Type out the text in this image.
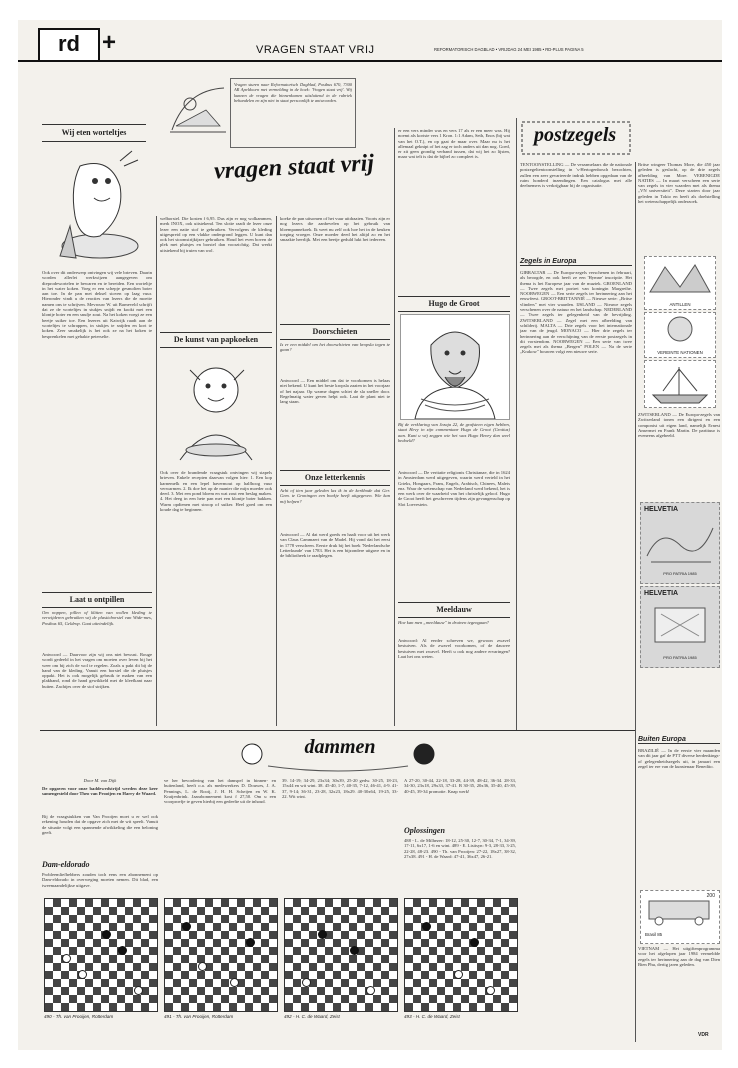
rd +	VRAGEN STAAT VRIJ	REFORMATORISCH DAGBLAD • VRIJDAG 24 MEI 1985 • RD-PLUS PAGINA 5
Vragen sturen naar Reformatorisch Dagblad, Postbus 670, 7300 AR Apeldoorn met vermelding in de hoek: 'Vragen staat vrij'. Wij kunnen de vragen die binnenkomen uitsluitend in de rubriek behandelen en zijn niet in staat persoonlijk te antwoorden.
vragen staat vrij
Wij eten worteltjes
Ook over dit onderwerp ontvingen wij vele brieven. Daarin worden allerlei werkwijzen aangegeven om dieprodewortelen te bewaren en te bereiden. Een worteltje in het water koken. Voeg er een schepje gesmolten boter aan toe. In de pan met deksel stoven op laag vuur. Hieronder vindt u de reacties van lezers die de moeite namen ons te schrijven. Mevrouw W. uit Barneveld schrijft dat ze de worteltjes in stukjes snijdt en kookt met een klontje boter en een snufje zout. Na het koken voegt ze een beetje suiker toe. Een lezeres uit Katwijk raadt aan de worteltjes te schrappen, in stukjes te snijden en kort te koken. Zeer smakelijk is het ook ze na het koken te besprenkelen met gehakte peterselie.
Laat u ontpillen
Om noppen, pillen of klitten van wollen kleding te verwijderen gebruiken wij de plasticborstel van Wide-mes, Postbus 65, Geldrop. Gaat uiteindelijk.
Antwoord — Daarvoor zijn wij ons niet bewust. Rouge wordt gedeeld in het vragen om moeten over leven bij het weer om bij zich de wol te regelen. Zoals u pakt dit bij de hand van de kleding. Vanuit een borstel die de pluisjes oppakt. Het is ook mogelijk gebruik te maken van een plakband, rond de hand gewikkeld met de kleefkant naar buiten. Zachtjes over de stof strijken.
welborstel. Die kosten f 6,95. Dus zijn er nog wolkammen, merk INOX, ook uitstekend. Ten slotte raadt de lezer onze lezer een natte stof te gebruiken. Vervolgens de kleding uitgespreid op een vlakke ondergrond leggen. U kunt dan ook het stoomstrijkijzer gebruiken. Houd het even boven de plek met pluisjes en borstel dan voorzichtig. Dat werkt uitstekend bij truien van wol.
De kunst van papkoeken
Ook over de brandende vraagstuk ontvingen wij stapels brieven. Enkele recepten daarvan volgen hier: 1. Een kop karnemelk en een lepel havermout op halfhoog vuur verwarmen. 2. Ik doe het op de manier die mijn moeder ook deed. 3. Met een pond bloem en wat zout een beslag maken. 4. Het deeg in een hete pan met een klontje boter bakken. Warm opdienen met stroop of suiker. Heel goed om een koude dag te beginnen.
koeke de pan uitsomen of het vuur uitdraaien. Voorts zijn er nog lezers die aanbevelen op het gebruik van bloempannekoek. Ik weet nu zelf ook hoe het in de keuken toeging vroeger. Onze moeder deed het altijd zo en het smaakte heerlijk. Met een beetje geduld lukt het iedereen.
Doorschieten
Is er een middel om het doorschieten van kropsla tegen te gaan?
Antwoord — Een middel om dat te voorkomen is helaas niet bekend. U kunt het beste kropsla zaaien in het voorjaar of het najaar. Op warme dagen schiet de sla sneller door. Regelmatig water geven helpt ook. Laat de plant niet te lang staan.
Onze letterkennis
Acht of tien jaar geleden las ik in de kerkbode dat Ger. Gem. te Groningen een boekje heeft uitgegeven. Wie kan mij helpen?
Antwoord — Al dat werd goeds en haalt voor uit het werk van Claus Cammaert van de Madel. Hij vond dat het eerst in 1778 verscheen. Eerste druk bij het boek 'Nederlandsche Letterkunde' van 1783. Het is een bijzondere uitgave en in de bibliotheek te raadplegen.
er een vers minder was en vers 17 als er een meer was. Hij noemt als kortste vers 1 Kron. 1:1 Adam, Seth, Enos (bij wat van het O.T.), en op gaat de maar over. Maar nu is het allemaal geknipt of het zag er toch anders uit dan nog. Goed, er zit geen grondig verband tussen, dat wij het zo lijsten, maar wat telt is dat de bijbel zo compleet is.
Hugo de Groot
Bij de verklaring van Jezaja 22, de grafsteen eigen hebben, staat Hevy in zijn commentaar Hugo de Groot (Grotius) aan. Kunt u wij zeggen wie het was Hugo Henry dan weel bedoeld?
Antwoord — De veritatie religionis Christianae, die in 1624 in Amsterdam werd uitgegeven, waarin werd verteld in het Grieks, Hongaars, Frans, Engels, Arabisch, Chinees, Maleis enz. Waar de wetenschap van Nederland werd bekend, het is een werk over de waarheid van het christelijk geloof. Hugo de Groot heeft het geschreven tijdens zijn gevangenschap op Slot Loevestein.
Meeldauw
Hoe kan men „meeldauw" in druiven tegengaan?
Antwoord: Al eerder schreven we, gewoon zwavel bestuiven. Als de zwavel voorkomen, of de dauwee bestuiven met zwavel. Heeft u ook nog andere ervaringen? Laat het ons weten.
postzegels
TENTOONSTELLING — De verzamelaars die de nationale postzegeltentoonstelling in 's-Hertogenbosch bezochten, zullen een zeer gevarieerde indruk hebben opgedaan van de ruim honderd inzendingen. Een catalogus met alle deelnemers is verkrijgbaar bij de organisatie.
Zegels in Europa
GIBRALTAR — De Europa-zegels verschenen in februari, als beoogde, en ook heeft ze een 'Hymne' inscriptie. Het thema is het Europese jaar van de muziek. GROENLAND — Twee zegels met portret van koningin Margrethe. NOORWEGEN — Een serie zegels ter herinnering aan het eeuwfeest. GROOT-BRITTANNIË — Nieuwe serie: „Britse vlinders" met vier waarden. IJSLAND — Nieuwe zegels verschenen over de natuur en het landschap. NEDERLAND — Twee zegels ter gelegenheid van de bevrijding. ZWITSERLAND — Zegel met een afbeelding van schilderij. MALTA — Drie zegels voor het internationale jaar van de jeugd. MONACO — Hier drie zegels ter herinnering aan de verschijning van de eerste postzegels in dit vorstendom. NOORWEGEN — Een serie van twee zegels met als thema „Bergen" POLEN — Na de serie „Krakow" bouwen volgt een nieuwe serie.
Britse wingeer Thomas More, die 450 jaar geleden is geslacht, op de drie zegels afbeelding van More. VERENIGDE NATIES — In maart verscheen een serie van zegels in vier waarden met als thema „VN universiteit". Deze starten door jaar geleden in Tokio en heeft als doelstelling het wetenschappelijk onderzoek.
ANTILLEN
VEREINTE NATIONEN
ZWITSERLAND — De Europa-zegels van Zwitserland tonen een dirigent en een componist uit eigen land, namelijk Ernest Ansermet en Frank Martin. De partituur is eveneens afgebeeld.
HELVETIA
PRO PATRIA 1985
HELVETIA
PRO PATRIA 1985
Buiten Europa
BRAZILIË — In de eerste vier maanden van dit jaar gaf de PTT diverse herdenkings- of gelegenheidszegels uit, in januari een zegel ter ere van de kunstenaar Benedito.
200
Brasil 85
VIETNAM — Het uitgiftenprogramma voor het afgelopen jaar 1984 vermeldde zegels ter herinnering aan de dag van Dien Bien Phu, dertig jaren geleden.
VDR
dammen
Door M. van Dijk
De opgaven voor onze baddewedstrijd werden deze keer samengesteld door Theo van Prooijen en Harry de Waard.
Bij de vraagstukken van Van Prooijen moet u er wel ook rekening houden dat de opgave zich met de wit speelt. Vanuit de situatie volgt een spannende afwikkeling die een beloning geeft.
Dam-eldorado
Probleemliefhebbers zouden toch eens een abonnement op Dam-eldorado in overweging moeten nemen. Dit blad, een tweemaandelijkse uitgave.
ve her bevordering van het damspel in binnen- en buitenland, heeft o.a. als medewerkers D. Douwes, J. A. Pennings, L. de Rooij, J. H. H. Scheijen en W. K. Kraijenbrink. Jaarabonnement kost f 27,50. Om u een voorproefje te geven hierbij een gedeelte uit de inhoud.
39. 14-19; 34-29, 23x34; 30x39, 25-20 gedw. 30-25, 18-23, 15x44 en wit wint. 38. 45-40, 1-7, 40-35, 7-12, 46-41, 4-9. 41-37, 9-14; 36-31, 23-28, 32x23, 18x29. 40-30x64, 19-25, 33-22. Wit wint.
A 27-20, 30-44, 22-18, 33-28, 44-39, 48-42, 36-34. 28-33, 34-30, 23x18, 29x33, 37-41. B 30-35, 20x36, 35-40, 45-39, 40-45, 39-34 promotie. Knap werk!
Oplossingen
488 - L. de Milhezer: 18-12, 25-30, 12-7, 30-34, 7-1, 34-39, 17-11, 6x17, 1-6 en wint. 489 - E. Lisitsyn: 9-3, 28-33, 3-25, 22-28, 48-23. 490 - Th. van Prooijen: 27-22, 18x27, 38-32, 27x38. 491 - H. de Waard: 47-41, 36x47, 26-21.
490 - Th. van Prooijen, Rotterdam	491 - Th. van Prooijen, Rotterdam	492 - H. C. de Waard, Zeist	493 - H. C. de Waard, Zeist
